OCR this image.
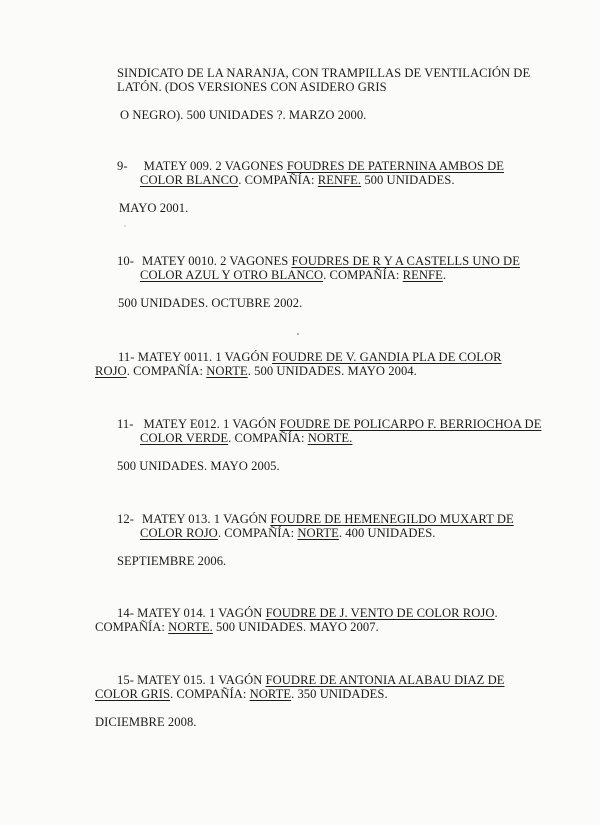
SINDICATO DE LA NARANJA, CON TRAMPILLAS DE VENTILACIÓN DE
LATÓN. (DOS VERSIONES CON ASIDERO GRIS
O NEGRO). 500 UNIDADES ?. MARZO 2000.
9- MATEY 009. 2 VAGONES FOUDRES DE PATERNINA AMBOS DE
COLOR BLANCO. COMPAÑÍA: RENFE. 500 UNIDADES.
MAYO 2001.
10- MATEY 0010. 2 VAGONES FOUDRES DE R Y A CASTELLS UNO DE
COLOR AZUL Y OTRO BLANCO. COMPAÑÍA: RENFE.
500 UNIDADES. OCTUBRE 2002.
11- MATEY 0011. 1 VAGÓN FOUDRE DE V. GANDIA PLA DE COLOR
ROJO. COMPAÑÍA: NORTE. 500 UNIDADES. MAYO 2004.
11- MATEY E012. 1 VAGÓN FOUDRE DE POLICARPO F. BERRIOCHOA DE
COLOR VERDE. COMPAÑÍA: NORTE.
500 UNIDADES. MAYO 2005.
12- MATEY 013. 1 VAGÓN FOUDRE DE HEMENEGILDO MUXART DE
COLOR ROJO. COMPAÑÍA: NORTE. 400 UNIDADES.
SEPTIEMBRE 2006.
14- MATEY 014. 1 VAGÓN FOUDRE DE J. VENTO DE COLOR ROJO.
COMPAÑÍA: NORTE. 500 UNIDADES. MAYO 2007.
15- MATEY 015. 1 VAGÓN FOUDRE DE ANTONIA ALABAU DIAZ DE
COLOR GRIS. COMPAÑÍA: NORTE. 350 UNIDADES.
DICIEMBRE 2008.
